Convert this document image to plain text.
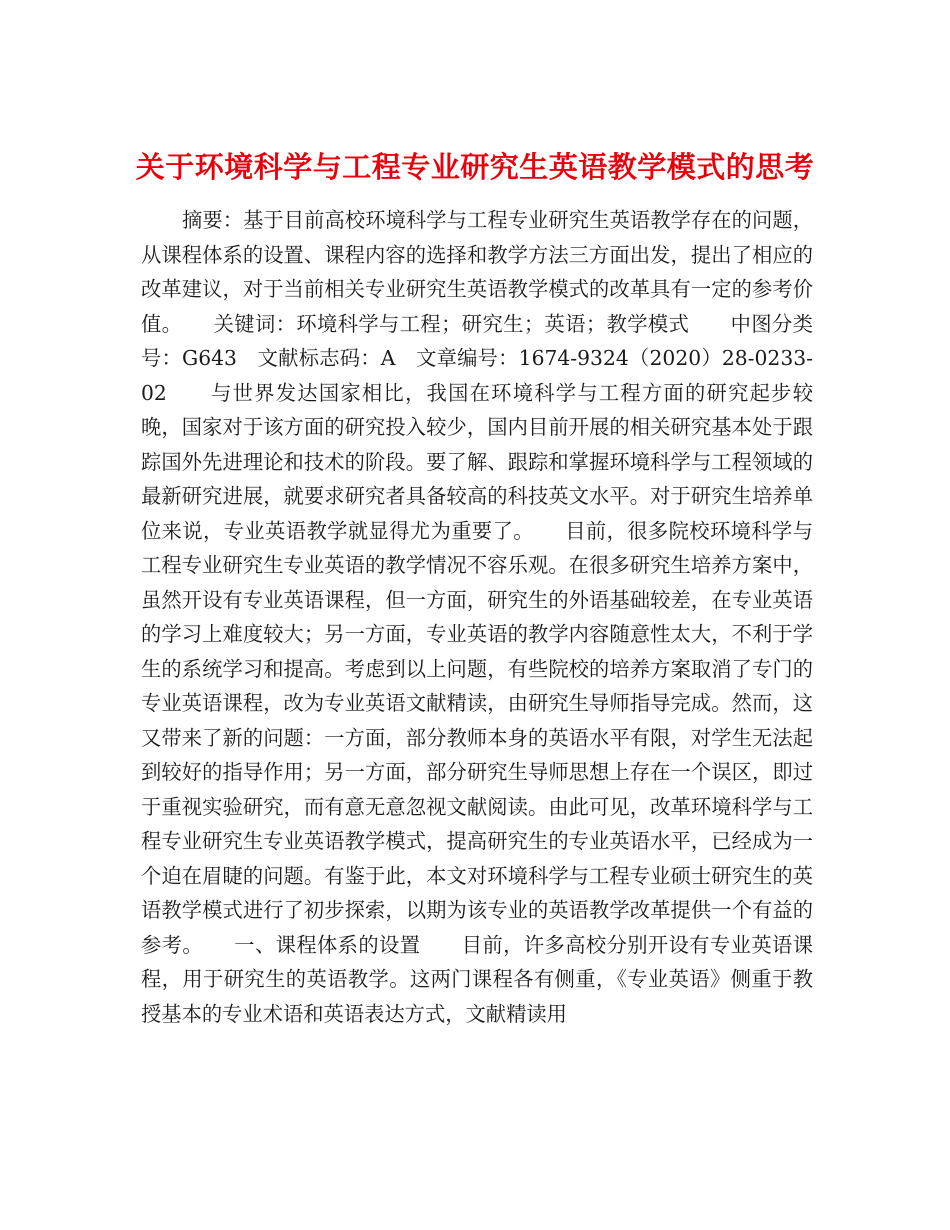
关于环境科学与工程专业研究生英语教学模式的思考

摘要：基于目前高校环境科学与工程专业研究生英语教学存在的问题，从课程体系的设置、课程内容的选择和教学方法三方面出发，提出了相应的改革建议，对于当前相关专业研究生英语教学模式的改革具有一定的参考价值。　　关键词：环境科学与工程；研究生；英语；教学模式　　中图分类号：G643　文献标志码：A　文章编号：1674-9324（2020）28-0233-02　　与世界发达国家相比，我国在环境科学与工程方面的研究起步较晚，国家对于该方面的研究投入较少，国内目前开展的相关研究基本处于跟踪国外先进理论和技术的阶段。要了解、跟踪和掌握环境科学与工程领域的最新研究进展，就要求研究者具备较高的科技英文水平。对于研究生培养单位来说，专业英语教学就显得尤为重要了。　　目前，很多院校环境科学与工程专业研究生专业英语的教学情况不容乐观。在很多研究生培养方案中，虽然开设有专业英语课程，但一方面，研究生的外语基础较差，在专业英语的学习上难度较大；另一方面，专业英语的教学内容随意性太大，不利于学生的系统学习和提高。考虑到以上问题，有些院校的培养方案取消了专门的专业英语课程，改为专业英语文献精读，由研究生导师指导完成。然而，这又带来了新的问题：一方面，部分教师本身的英语水平有限，对学生无法起到较好的指导作用；另一方面，部分研究生导师思想上存在一个误区，即过于重视实验研究，而有意无意忽视文献阅读。由此可见，改革环境科学与工程专业研究生专业英语教学模式，提高研究生的专业英语水平，已经成为一个迫在眉睫的问题。有鉴于此，本文对环境科学与工程专业硕士研究生的英语教学模式进行了初步探索，以期为该专业的英语教学改革提供一个有益的参考。　　一、课程体系的设置　　目前，许多高校分别开设有专业英语课程，用于研究生的英语教学。这两门课程各有侧重，《专业英语》侧重于教授基本的专业术语和英语表达方式，文献精读用
